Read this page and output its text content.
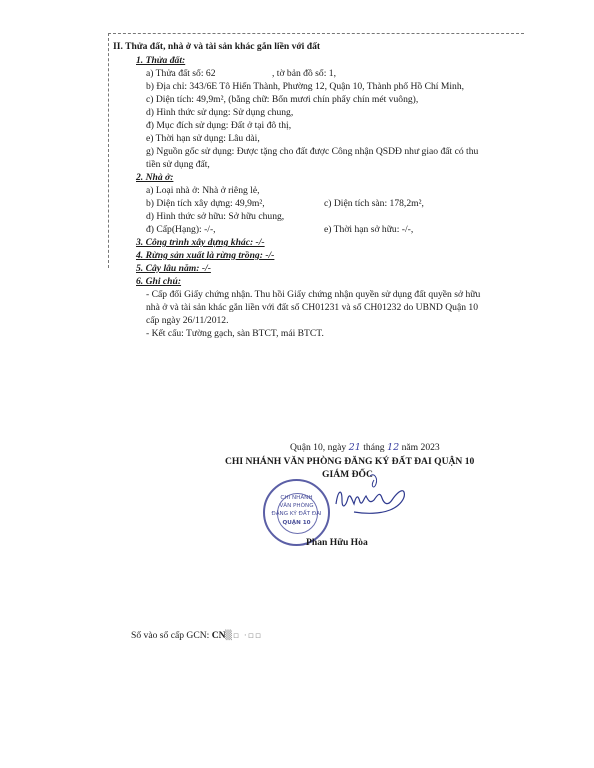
II. Thửa đất, nhà ở và tài sản khác gắn liền với đất
1. Thửa đất:
a) Thửa đất số: 62	, tờ bản đồ số: 1,
b) Địa chỉ: 343/6E Tô Hiến Thành, Phường 12, Quận 10, Thành phố Hồ Chí Minh,
c) Diện tích: 49,9m², (bằng chữ: Bốn mươi chín phẩy chín mét vuông),
d) Hình thức sử dụng: Sử dụng chung,
đ) Mục đích sử dụng: Đất ở tại đô thị,
e) Thời hạn sử dụng: Lâu dài,
g) Nguồn gốc sử dụng: Được tặng cho đất được Công nhận QSDĐ như giao đất có thu
tiền sử dụng đất,
2. Nhà ở:
a) Loại nhà ở: Nhà ở riêng lẻ,
b) Diện tích xây dựng: 49,9m²,	c) Diện tích sàn: 178,2m²,
d) Hình thức sở hữu: Sở hữu chung,
đ) Cấp(Hạng): -/-,	e) Thời hạn sở hữu: -/-,
3. Công trình xây dựng khác: -/-
4. Rừng sản xuất là rừng trồng: -/-
5. Cây lâu năm: -/-
6. Ghi chú:
- Cấp đổi Giấy chứng nhận. Thu hồi Giấy chứng nhận quyền sử dụng đất quyền sở hữu
nhà ở và tài sản khác gắn liền với đất số CH01231 và số CH01232 do UBND Quận 10
cấp ngày 26/11/2012.
- Kết cấu: Tường gạch, sàn BTCT, mái BTCT.
Quận 10, ngày 21 tháng 12 năm 2023
CHI NHÁNH VĂN PHÒNG ĐĂNG KÝ ĐẤT ĐAI QUẬN 10
GIÁM ĐỐC
CHI NHÁNH
VĂN PHÒNG
ĐĂNG KÝ ĐẤT ĐAI
QUẬN 10
Phan Hữu Hòa
Số vào sổ cấp GCN: CN ▒▫ ·▫▫
